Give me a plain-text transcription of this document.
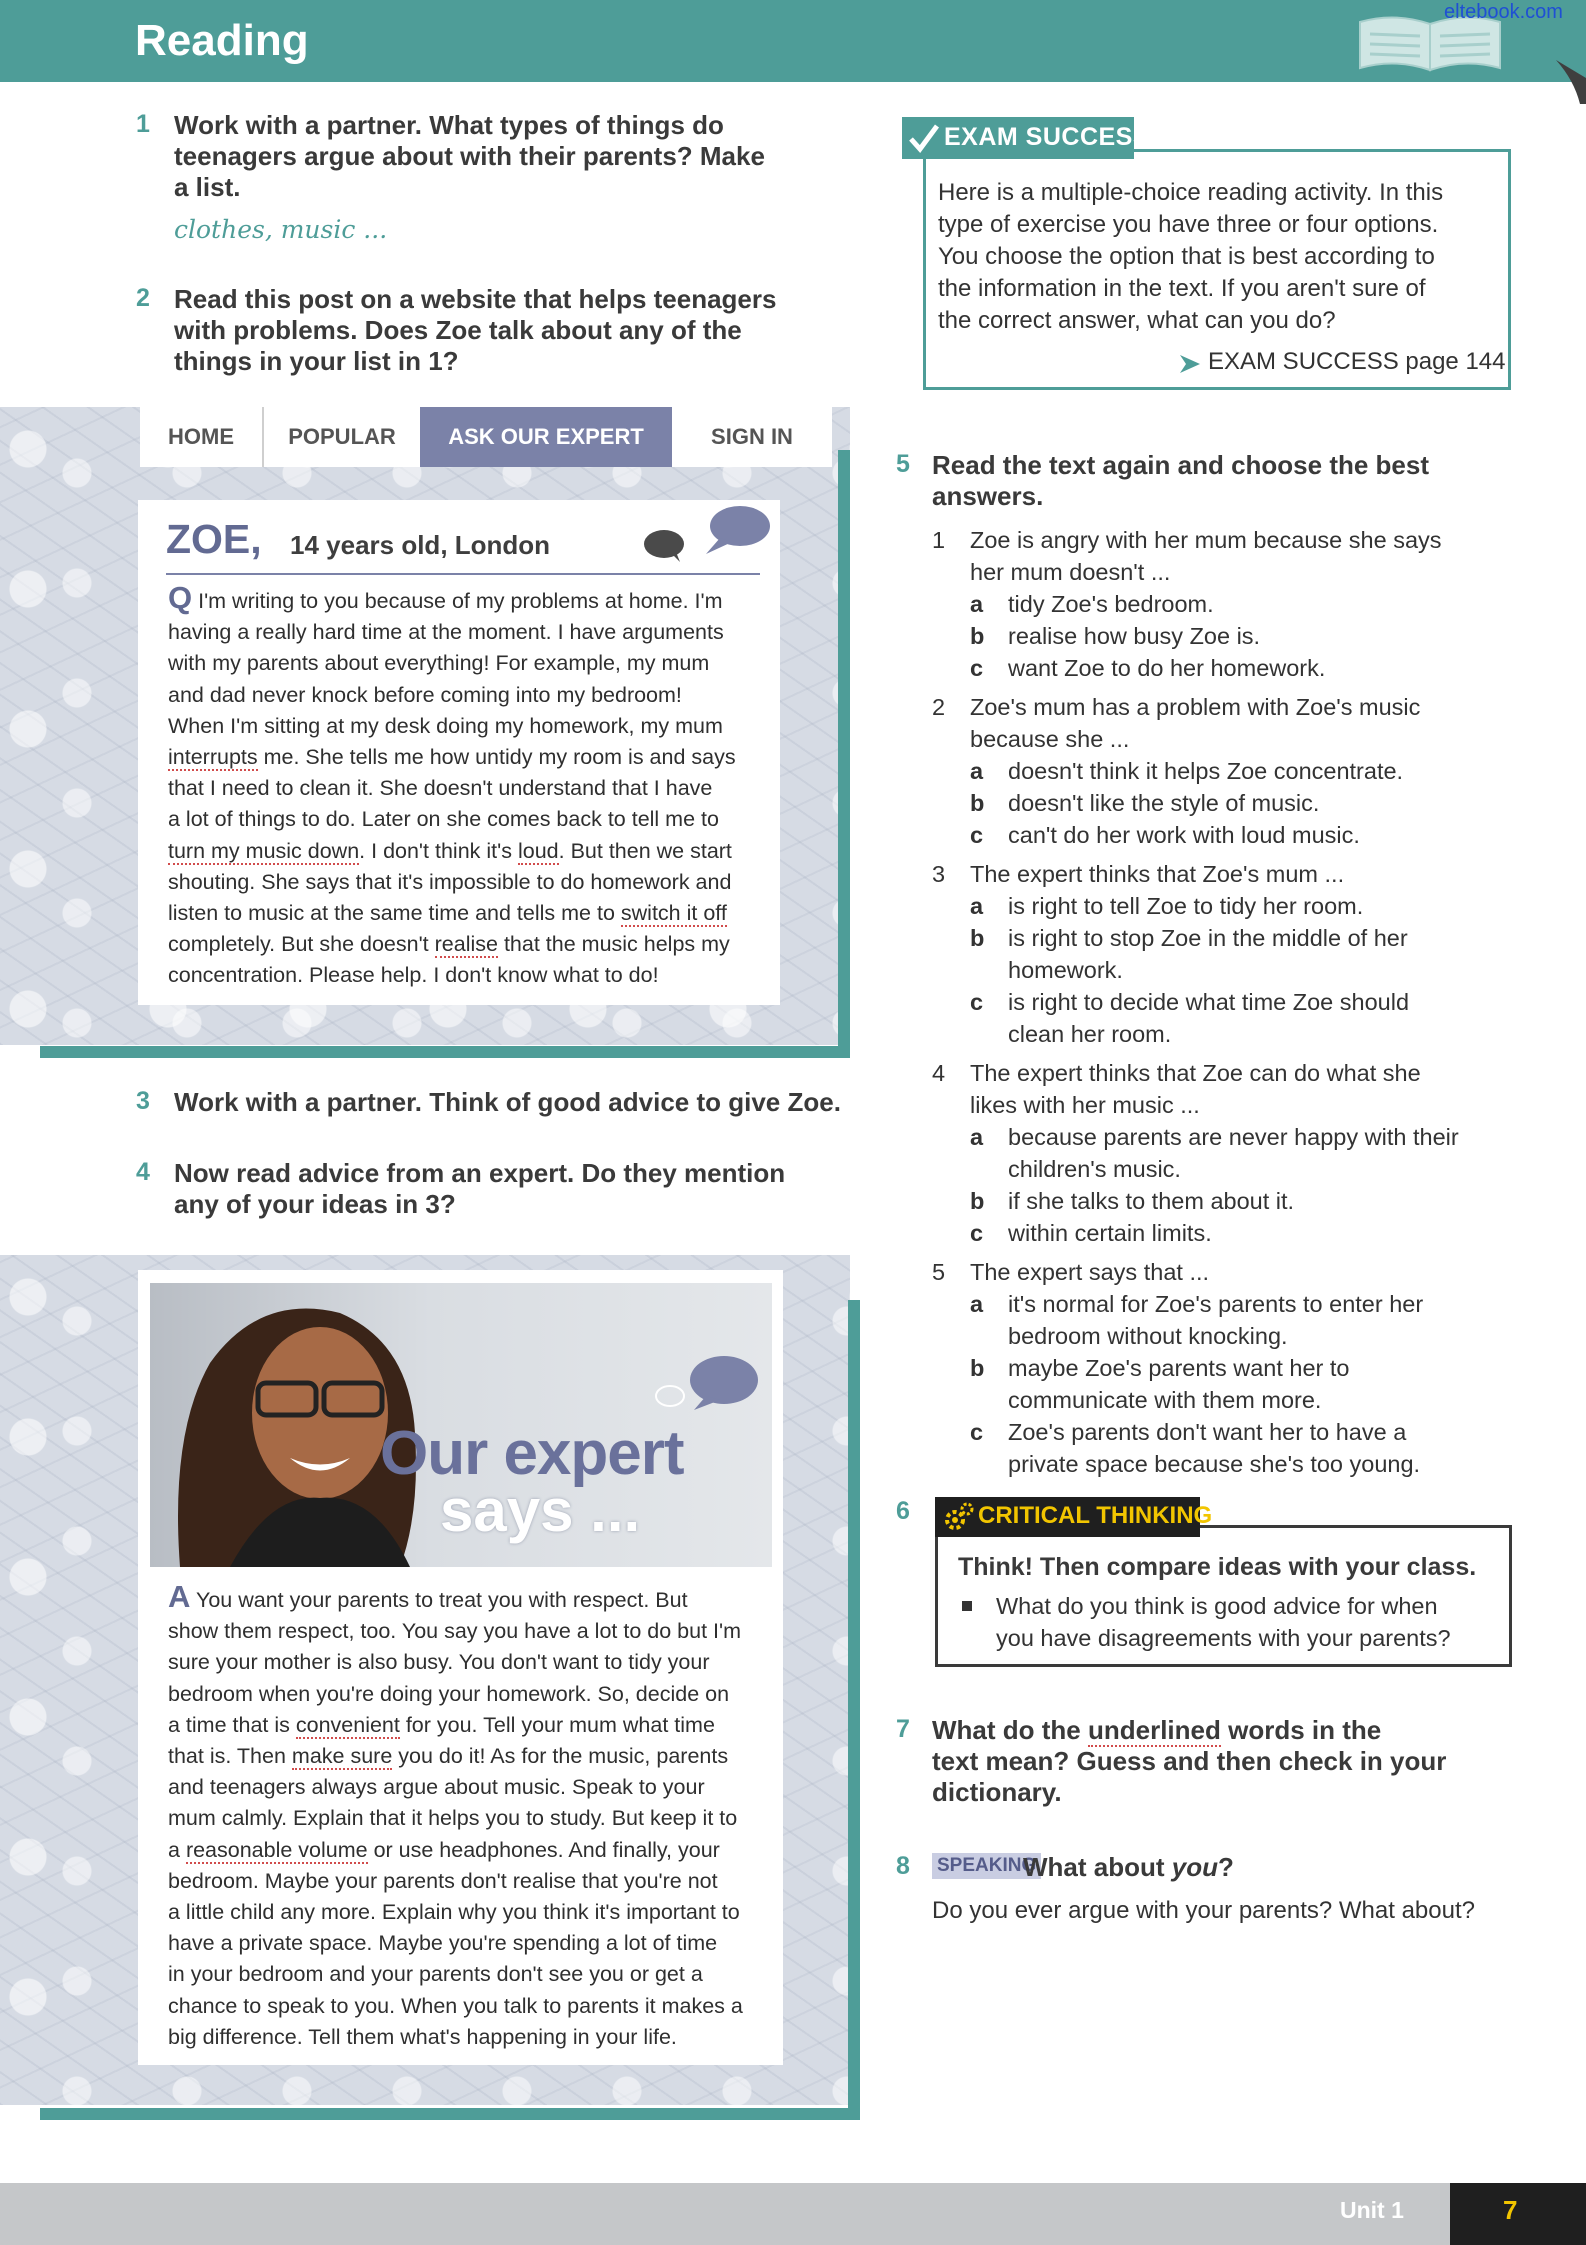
Reading
eltebook.com
1 Work with a partner. What types of things do
teenagers argue about with their parents? Make
a list.
clothes, music ...
2 Read this post on a website that helps teenagers
with problems. Does Zoe talk about any of the
things in your list in 1?
HOME	POPULAR	ASK OUR EXPERT	SIGN IN
ZOE, 14 years old, London
Q I'm writing to you because of my problems at home. I'm
having a really hard time at the moment. I have arguments
with my parents about everything! For example, my mum
and dad never knock before coming into my bedroom!
When I'm sitting at my desk doing my homework, my mum
interrupts me. She tells me how untidy my room is and says
that I need to clean it. She doesn't understand that I have
a lot of things to do. Later on she comes back to tell me to
turn my music down. I don't think it's loud. But then we start
shouting. She says that it's impossible to do homework and
listen to music at the same time and tells me to switch it off
completely. But she doesn't realise that the music helps my
concentration. Please help. I don't know what to do!
3 Work with a partner. Think of good advice to give Zoe.
4 Now read advice from an expert. Do they mention
any of your ideas in 3?
Our expert
says ...
A You want your parents to treat you with respect. But
show them respect, too. You say you have a lot to do but I'm
sure your mother is also busy. You don't want to tidy your
bedroom when you're doing your homework. So, decide on
a time that is convenient for you. Tell your mum what time
that is. Then make sure you do it! As for the music, parents
and teenagers always argue about music. Speak to your
mum calmly. Explain that it helps you to study. But keep it to
a reasonable volume or use headphones. And finally, your
bedroom. Maybe your parents don't realise that you're not
a little child any more. Explain why you think it's important to
have a private space. Maybe you're spending a lot of time
in your bedroom and your parents don't see you or get a
chance to speak to you. When you talk to parents it makes a
big difference. Tell them what's happening in your life.
EXAM SUCCESS
Here is a multiple-choice reading activity. In this
type of exercise you have three or four options.
You choose the option that is best according to
the information in the text. If you aren't sure of
the correct answer, what can you do?
EXAM SUCCESS page 144
5 Read the text again and choose the best
answers.
1	Zoe is angry with her mum because she says
her mum doesn't ...
a	tidy Zoe's bedroom.
b	realise how busy Zoe is.
c	want Zoe to do her homework.
2	Zoe's mum has a problem with Zoe's music
because she ...
a	doesn't think it helps Zoe concentrate.
b	doesn't like the style of music.
c	can't do her work with loud music.
3	The expert thinks that Zoe's mum ...
a	is right to tell Zoe to tidy her room.
b	is right to stop Zoe in the middle of her
homework.
c	is right to decide what time Zoe should
clean her room.
4	The expert thinks that Zoe can do what she
likes with her music ...
a	because parents are never happy with their
children's music.
b	if she talks to them about it.
c	within certain limits.
5	The expert says that ...
a	it's normal for Zoe's parents to enter her
bedroom without knocking.
b	maybe Zoe's parents want her to
communicate with them more.
c	Zoe's parents don't want her to have a
private space because she's too young.
6	CRITICAL THINKING
Think! Then compare ideas with your class.
What do you think is good advice for when
you have disagreements with your parents?
7 What do the underlined words in the
text mean? Guess and then check in your
dictionary.
8 SPEAKING
What about you?
Do you ever argue with your parents? What about?
Unit 1	7
